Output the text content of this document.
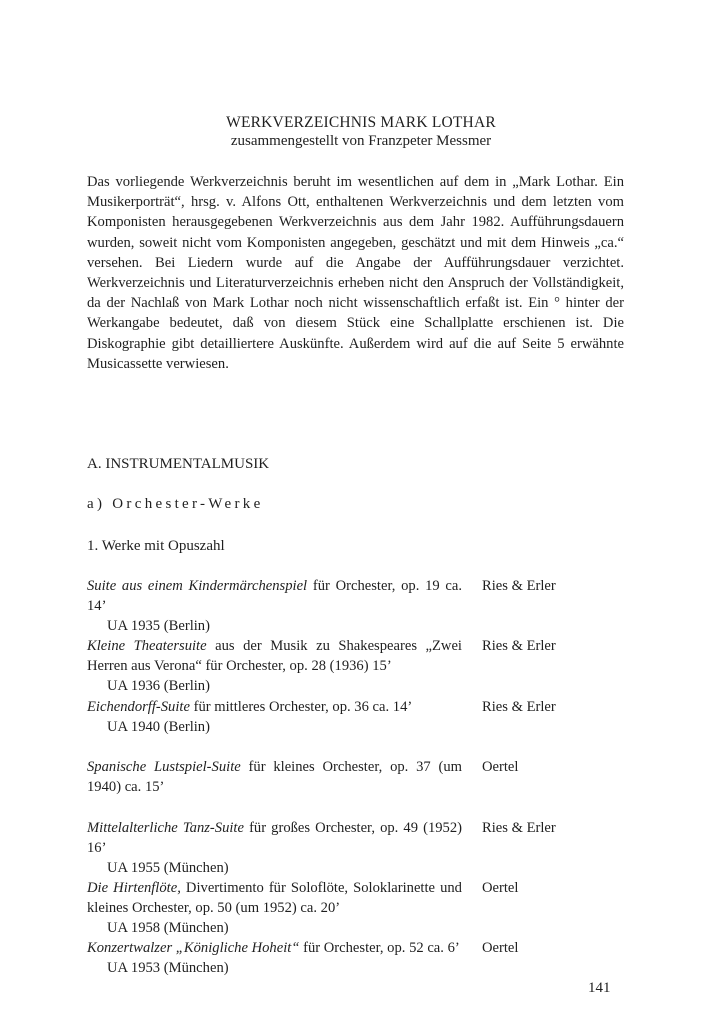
WERKVERZEICHNIS MARK LOTHAR
zusammengestellt von Franzpeter Messmer

Das vorliegende Werkverzeichnis beruht im wesentlichen auf dem in „Mark Lothar. Ein Musikerporträt“, hrsg. v. Alfons Ott, enthaltenen Werkverzeichnis und dem letzten vom Komponisten herausgegebenen Werkverzeichnis aus dem Jahr 1982. Aufführungsdauern wurden, soweit nicht vom Komponisten angegeben, geschätzt und mit dem Hinweis „ca.“ versehen. Bei Liedern wurde auf die Angabe der Aufführungsdauer verzichtet. Werkverzeichnis und Literaturverzeichnis erheben nicht den Anspruch der Vollständigkeit, da der Nachlaß von Mark Lothar noch nicht wissenschaftlich erfaßt ist. Ein ° hinter der Werkangabe bedeutet, daß von diesem Stück eine Schallplatte erschienen ist. Die Diskographie gibt detailliertere Auskünfte. Außerdem wird auf die auf Seite 5 erwähnte Musicassette verwiesen.

A. INSTRUMENTALMUSIK
a) Orchester-Werke
1. Werke mit Opuszahl
Suite aus einem Kindermärchenspiel für Orchester, op. 19 ca. 14’
UA 1935 (Berlin)
Ries & Erler
Kleine Theatersuite aus der Musik zu Shakespeares „Zwei Herren aus Verona“ für Orchester, op. 28 (1936) 15’
UA 1936 (Berlin)
Ries & Erler
Eichendorff-Suite für mittleres Orchester, op. 36 ca. 14’
UA 1940 (Berlin)
Ries & Erler
Spanische Lustspiel-Suite für kleines Orchester, op. 37 (um 1940) ca. 15’
Oertel
Mittelalterliche Tanz-Suite für großes Orchester, op. 49 (1952) 16’
UA 1955 (München)
Ries & Erler
Die Hirtenflöte, Divertimento für Soloflöte, Soloklarinette und kleines Orchester, op. 50 (um 1952) ca. 20’
UA 1958 (München)
Oertel
Konzertwalzer „Königliche Hoheit“ für Orchester, op. 52 ca. 6’
UA 1953 (München)
Oertel
141
